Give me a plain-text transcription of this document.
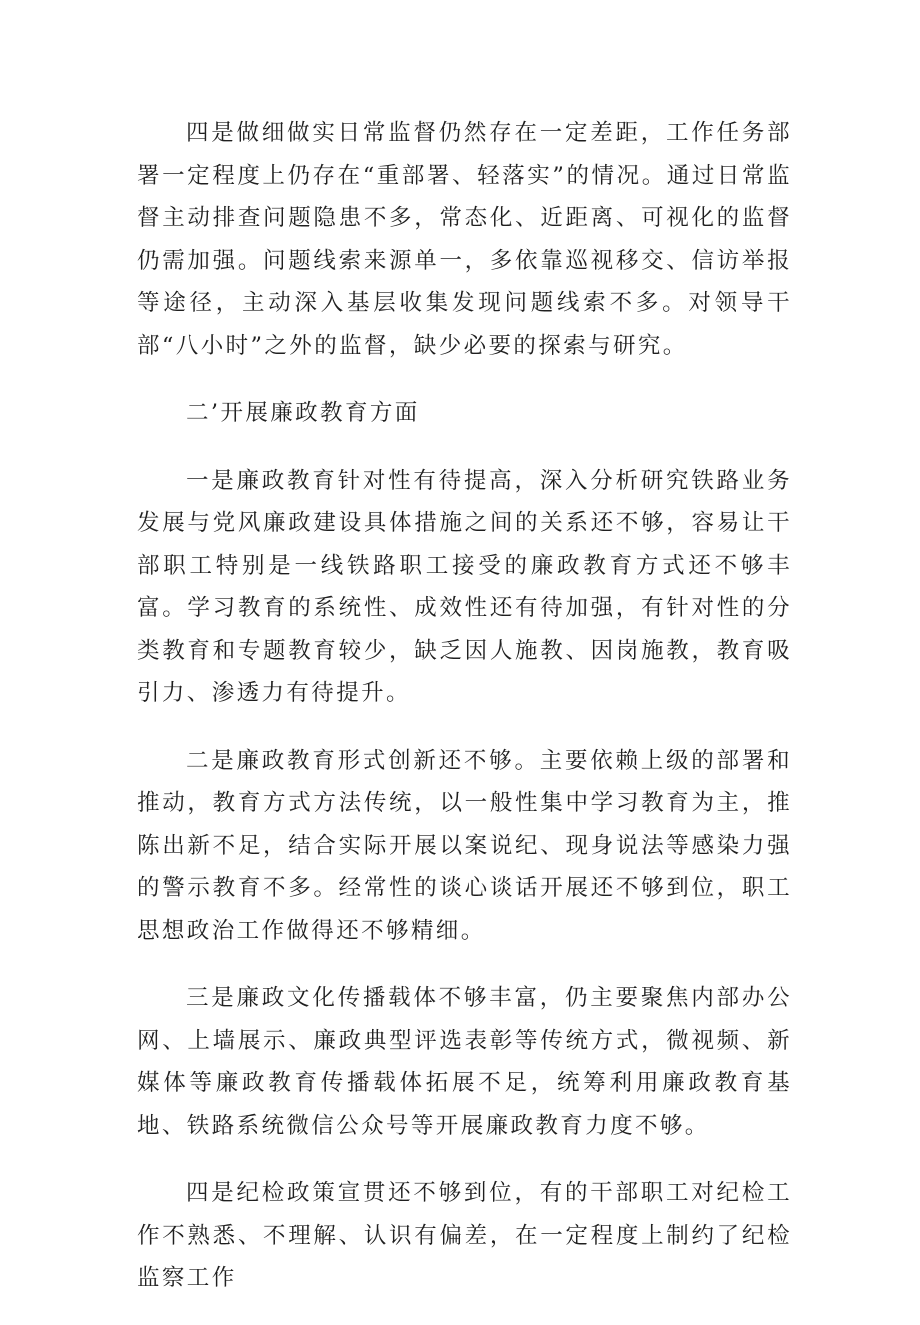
四是做细做实日常监督仍然存在一定差距，工作任务部署一定程度上仍存在“重部署、轻落实”的情况。通过日常监督主动排查问题隐患不多，常态化、近距离、可视化的监督仍需加强。问题线索来源单一，多依靠巡视移交、信访举报等途径，主动深入基层收集发现问题线索不多。对领导干部“八小时”之外的监督，缺少必要的探索与研究。

二’开展廉政教育方面

一是廉政教育针对性有待提高，深入分析研究铁路业务发展与党风廉政建设具体措施之间的关系还不够，容易让干部职工特别是一线铁路职工接受的廉政教育方式还不够丰富。学习教育的系统性、成效性还有待加强，有针对性的分类教育和专题教育较少，缺乏因人施教、因岗施教，教育吸引力、渗透力有待提升。

二是廉政教育形式创新还不够。主要依赖上级的部署和推动，教育方式方法传统，以一般性集中学习教育为主，推陈出新不足，结合实际开展以案说纪、现身说法等感染力强的警示教育不多。经常性的谈心谈话开展还不够到位，职工思想政治工作做得还不够精细。

三是廉政文化传播载体不够丰富，仍主要聚焦内部办公网、上墙展示、廉政典型评选表彰等传统方式，微视频、新媒体等廉政教育传播载体拓展不足，统筹利用廉政教育基地、铁路系统微信公众号等开展廉政教育力度不够。

四是纪检政策宣贯还不够到位，有的干部职工对纪检工作不熟悉、不理解、认识有偏差，在一定程度上制约了纪检监察工作
